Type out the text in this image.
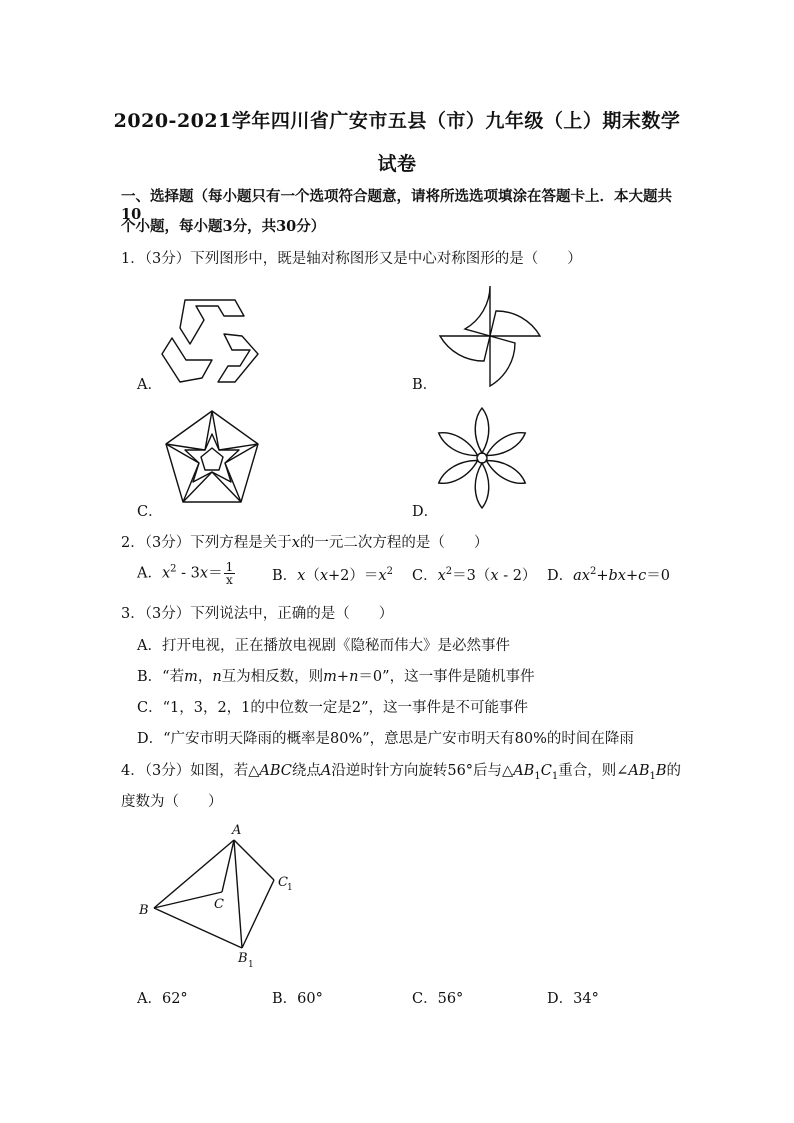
2020-2021学年四川省广安市五县（市）九年级（上）期末数学
试卷
一、选择题（每小题只有一个选项符合题意，请将所选选项填涂在答题卡上．本大题共10
个小题，每小题3分，共30分）
1．（3分）下列图形中，既是轴对称图形又是中心对称图形的是（　　）
A．	B．
C．	D．
2．（3分）下列方程是关于x的一元二次方程的是（　　）
A．$x^2 - 3x= \frac{1}{x}$	B．$x(x+2)=x^2$ C．$x^2=3(x - 2)$ D．$ax^2+bx+c=0$
3．（3分）下列说法中，正确的是（　　）
A．打开电视，正在播放电视剧《隐秘而伟大》是必然事件
B．“若m，n互为相反数，则m+n＝0”，这一事件是随机事件
C．“1，3，2，1的中位数一定是2”，这一事件是不可能事件
D．“广安市明天降雨的概率是80%”，意思是广安市明天有80%的时间在降雨
4．（3分）如图，若△ABC绕点A沿逆时针方向旋转56°后与$\triangle AB_1C_1$重合，则$\angle AB_1B$的
度数为（　　）
A
B	C
C 1
B 1
A．62°	B．60°	C．56°	D．34°
